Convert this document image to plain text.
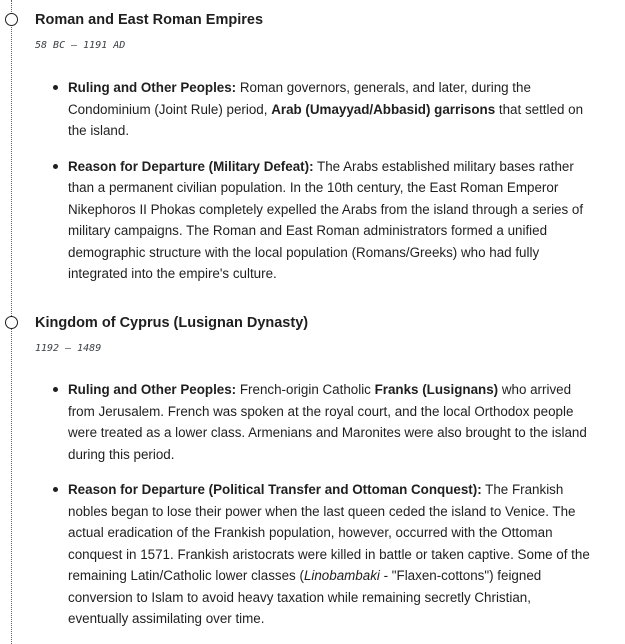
Roman and East Roman Empires
58 BC – 1191 AD
Ruling and Other Peoples: Roman governors, generals, and later, during the Condominium (Joint Rule) period, Arab (Umayyad/Abbasid) garrisons that settled on the island.
Reason for Departure (Military Defeat): The Arabs established military bases rather than a permanent civilian population. In the 10th century, the East Roman Emperor Nikephoros II Phokas completely expelled the Arabs from the island through a series of military campaigns. The Roman and East Roman administrators formed a unified demographic structure with the local population (Romans/Greeks) who had fully integrated into the empire's culture.
Kingdom of Cyprus (Lusignan Dynasty)
1192 – 1489
Ruling and Other Peoples: French-origin Catholic Franks (Lusignans) who arrived from Jerusalem. French was spoken at the royal court, and the local Orthodox people were treated as a lower class. Armenians and Maronites were also brought to the island during this period.
Reason for Departure (Political Transfer and Ottoman Conquest): The Frankish nobles began to lose their power when the last queen ceded the island to Venice. The actual eradication of the Frankish population, however, occurred with the Ottoman conquest in 1571. Frankish aristocrats were killed in battle or taken captive. Some of the remaining Latin/Catholic lower classes (Linobambaki - "Flaxen-cottons") feigned conversion to Islam to avoid heavy taxation while remaining secretly Christian, eventually assimilating over time.
